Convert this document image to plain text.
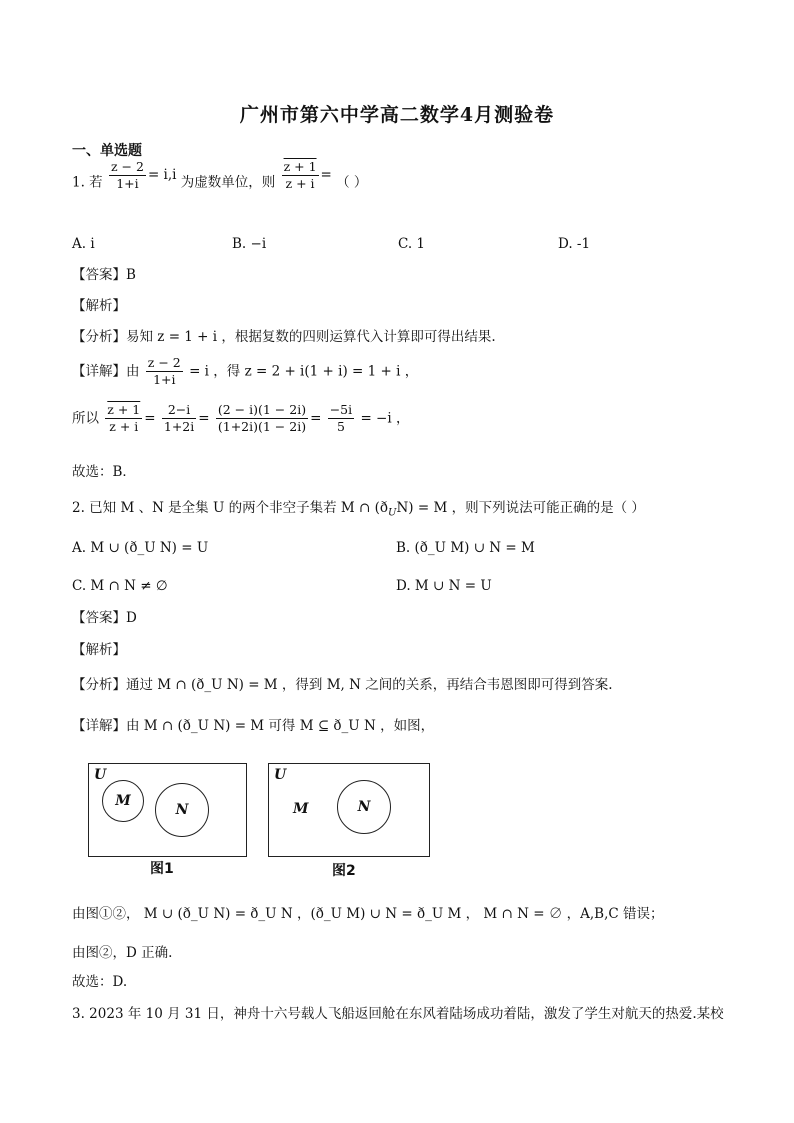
广州市第六中学高二数学4月测验卷
一、单选题
1. 若 $\frac{z - 2}{1+i} = i,i$ 为虚数单位，则 $\frac{z + 1}{z + i}$ = （ ）
A. i	B. −i	C. 1	D. -1
【答案】B
【解析】
【分析】易知 z = 1 + i ，根据复数的四则运算代入计算即可得出结果.
【详解】由 $\frac{z - 2}{1+i} = i$ ，得 z = 2 + i(1 + i) = 1 + i ，
所以 $\frac{z + 1}{z + i} = \frac{2-i}{1+2i} = \frac{(2 - i)(1 - 2i)}{(1+2i)(1 - 2i)} = \frac{-5i}{5} = -i$ ，
故选：B．
2. 已知 M 、N 是全集 U 的两个非空子集若 M ∩ $(ð_UN) = M$ ，则下列说法可能正确的是（ ）
A. M ∪ (ð_U N) = U	B. (ð_U M) ∪ N = M
C. M ∩ N ≠ ∅	D. M ∪ N = U
【答案】D
【解析】
【分析】通过 M ∩ (ð_U N) = M ，得到 M, N 之间的关系，再结合韦恩图即可得到答案.
【详解】由 M ∩ (ð_U N) = M 可得 M ⊆ ð_U N ，如图，
U
M
N
图1
U
M	N
图2
由图①②， M ∪ (ð_U N) = ð_U N ，(ð_U M) ∪ N = ð_U M ， M ∩ N = ∅ ，A,B,C 错误；
由图②，D 正确.
故选：D.
3. 2023 年 10 月 31 日，神舟十六号载人飞船返回舱在东风着陆场成功着陆，激发了学生对航天的热爱.某校
